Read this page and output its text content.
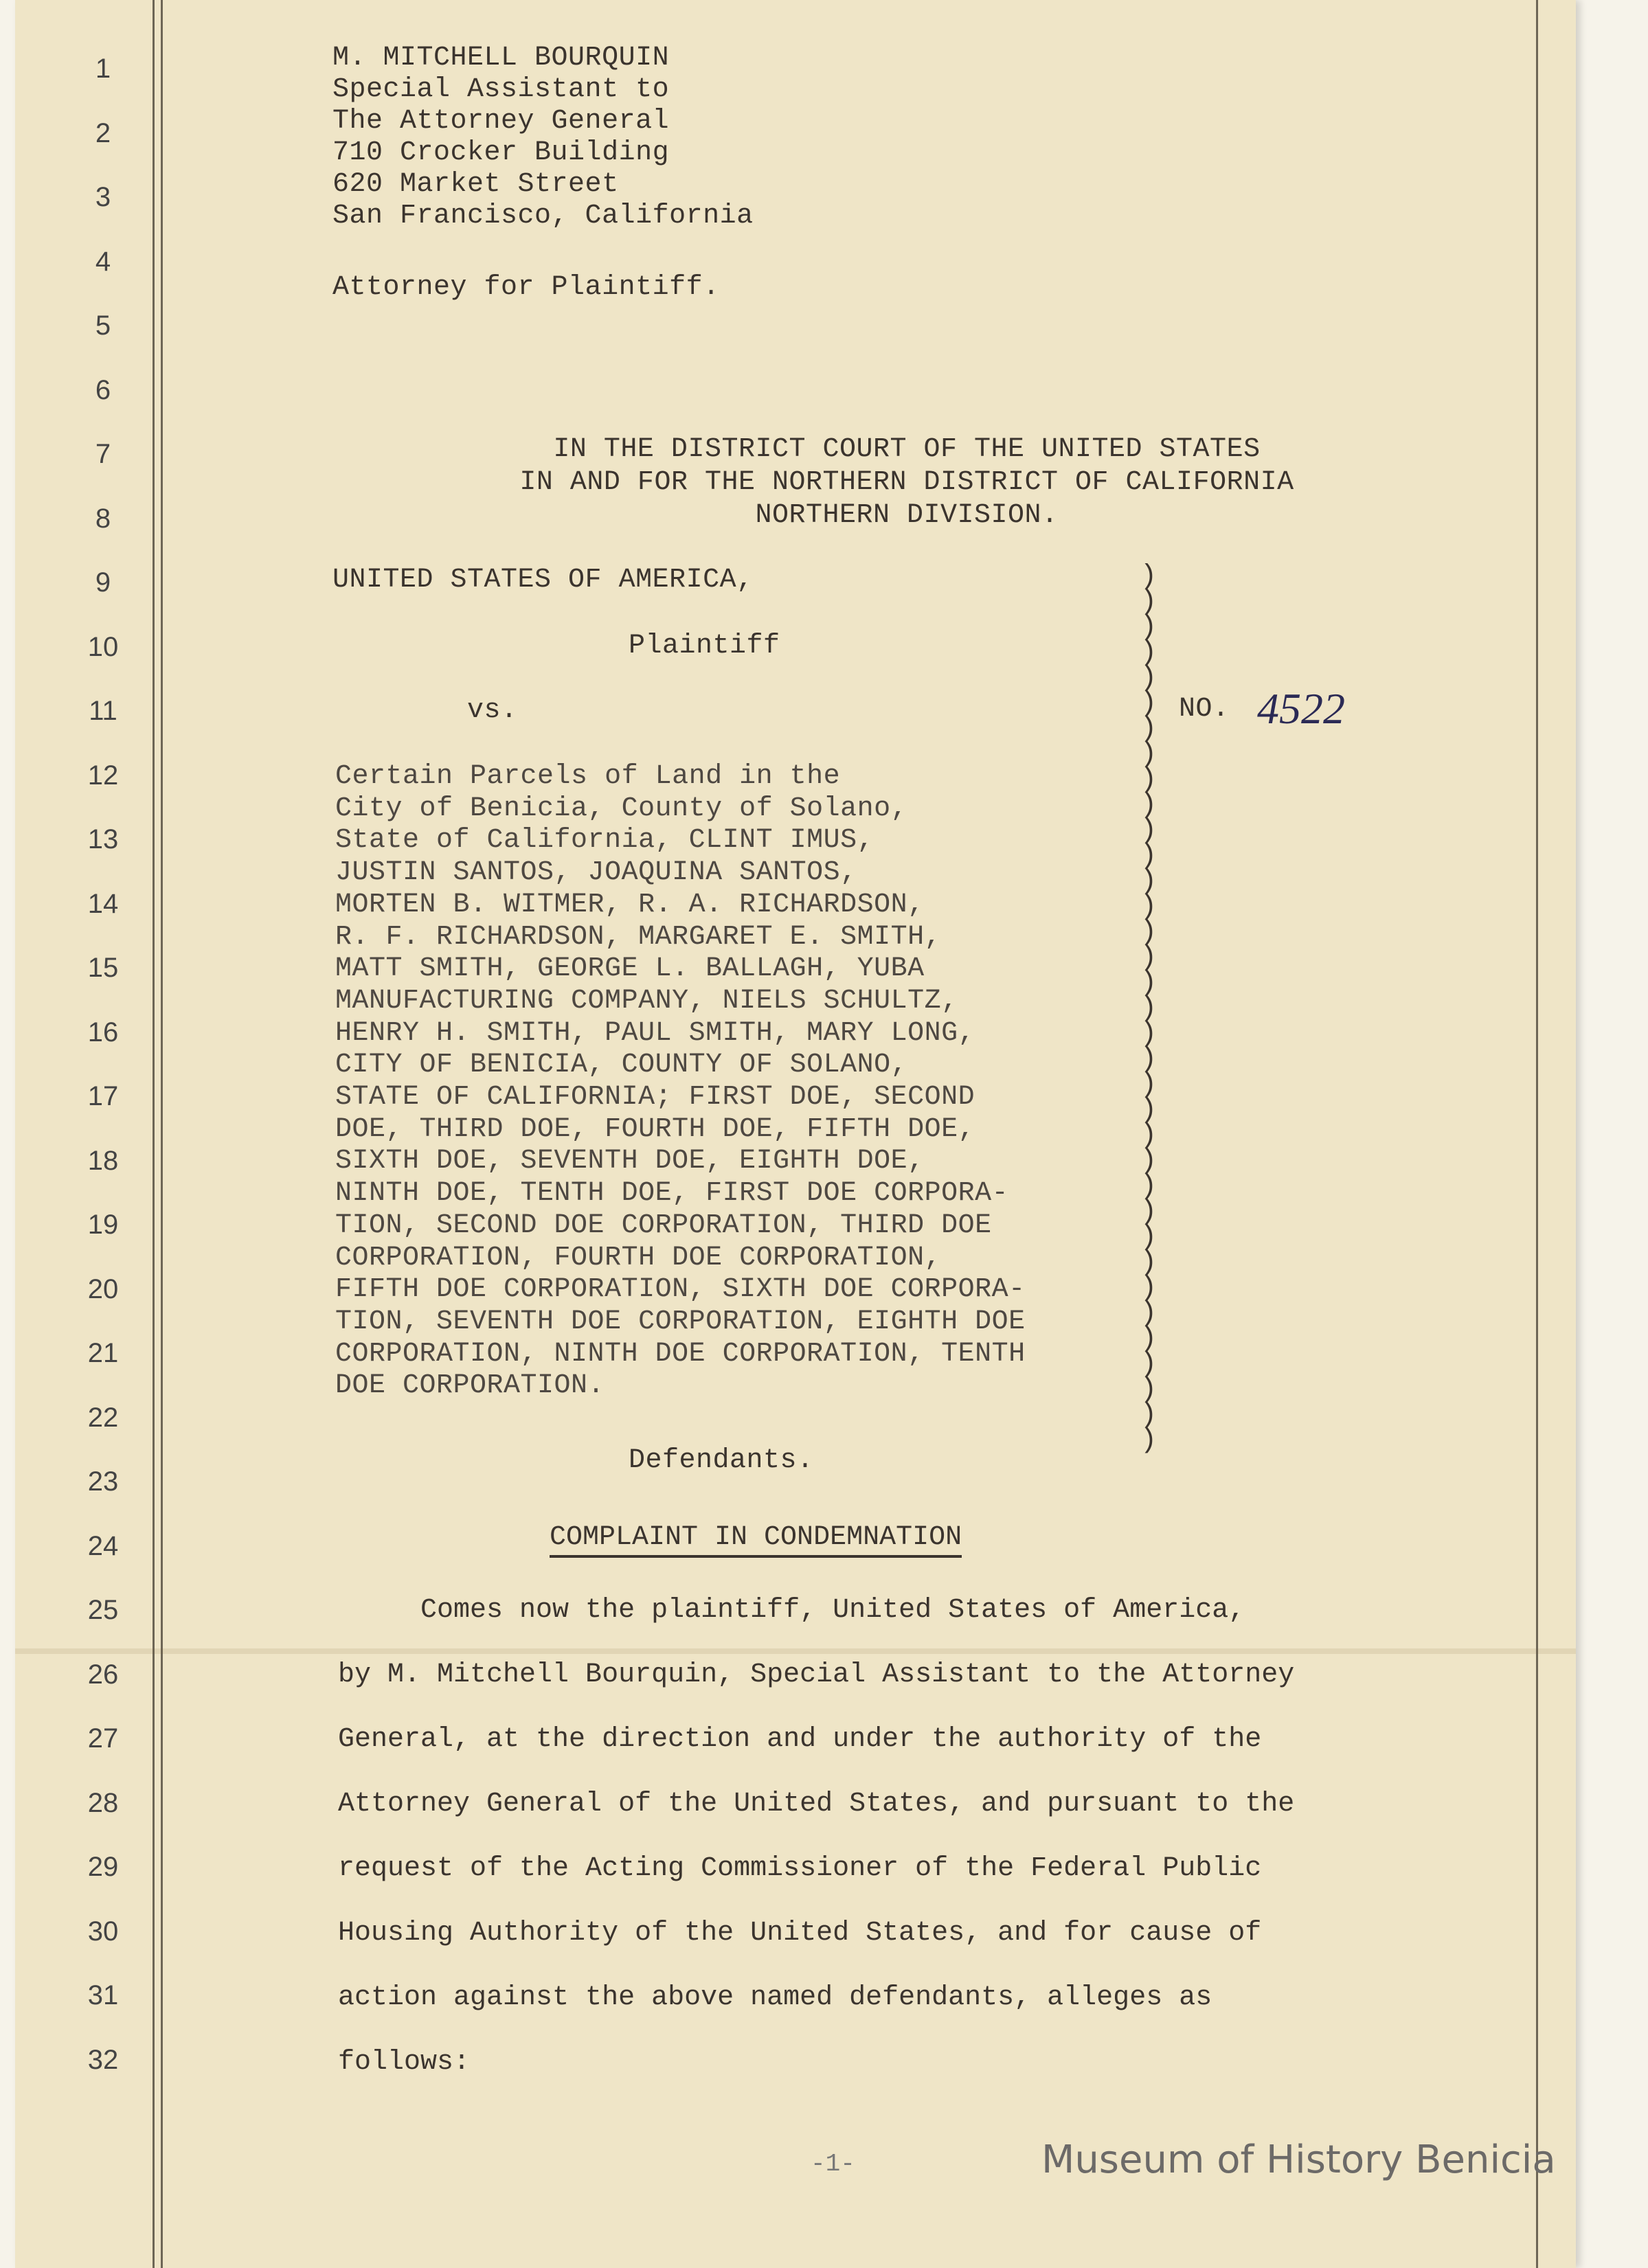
1
2
3
4
5
6
7
8
9
10
11
12
13
14
15
16
17
18
19
20
21
22
23
24
25
26
27
28
29
30
31
32
M. MITCHELL BOURQUIN
Special Assistant to
The Attorney General
710 Crocker Building
620 Market Street
San Francisco, California
Attorney for Plaintiff.
IN THE DISTRICT COURT OF THE UNITED STATES
IN AND FOR THE NORTHERN DISTRICT OF CALIFORNIA
NORTHERN DIVISION.
UNITED STATES OF AMERICA,
Plaintiff
vs.	NO. 4522
Certain Parcels of Land in the
City of Benicia, County of Solano,
State of California, CLINT IMUS,
JUSTIN SANTOS, JOAQUINA SANTOS,
MORTEN B. WITMER, R. A. RICHARDSON,
R. F. RICHARDSON, MARGARET E. SMITH,
MATT SMITH, GEORGE L. BALLAGH, YUBA
MANUFACTURING COMPANY, NIELS SCHULTZ,
HENRY H. SMITH, PAUL SMITH, MARY LONG,
CITY OF BENICIA, COUNTY OF SOLANO,
STATE OF CALIFORNIA; FIRST DOE, SECOND
DOE, THIRD DOE, FOURTH DOE, FIFTH DOE,
SIXTH DOE, SEVENTH DOE, EIGHTH DOE,
NINTH DOE, TENTH DOE, FIRST DOE CORPORA-
TION, SECOND DOE CORPORATION, THIRD DOE
CORPORATION, FOURTH DOE CORPORATION,
FIFTH DOE CORPORATION, SIXTH DOE CORPORA-
TION, SEVENTH DOE CORPORATION, EIGHTH DOE
CORPORATION, NINTH DOE CORPORATION, TENTH
DOE CORPORATION.
Defendants.
)
)
)
)
)
)
)
)
)
)
)
)
)
)
)
)
)
)
)
)
)
)
)
)
)
)
)
)
)
)
)
)
)
)
)
COMPLAINT IN CONDEMNATION
Comes now the plaintiff, United States of America,
by M. Mitchell Bourquin, Special Assistant to the Attorney
General, at the direction and under the authority of the
Attorney General of the United States, and pursuant to the
request of the Acting Commissioner of the Federal Public
Housing Authority of the United States, and for cause of
action against the above named defendants, alleges as
follows:
-1-	Museum of History Benicia
